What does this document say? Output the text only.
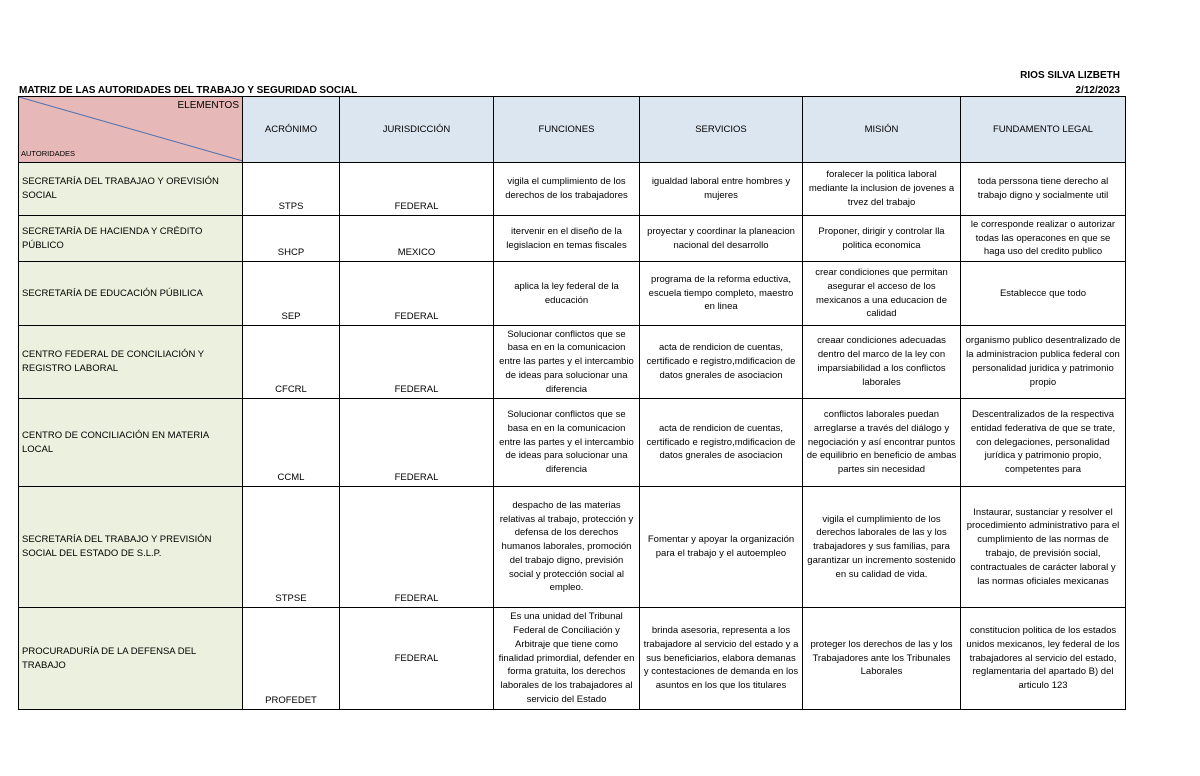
RIOS SILVA LIZBETH
2/12/2023
MATRIZ DE LAS AUTORIDADES DEL TRABAJO Y SEGURIDAD SOCIAL
ELEMENTOS
AUTORIDADES	ACRÓNIMO	JURISDICCIÓN	FUNCIONES	SERVICIOS	MISIÓN	FUNDAMENTO LEGAL
SECRETARÍA DEL TRABAJAO Y OREVISIÓN SOCIAL	STPS	FEDERAL	vigila el cumplimiento de los derechos de los trabajadores	igualdad laboral entre hombres y mujeres	foralecer la politica laboral mediante la inclusion de jovenes a trvez del trabajo	toda perssona tiene derecho al trabajo digno y socialmente util
SECRETARÍA DE HACIENDA Y CRÉDITO PÚBLICO	SHCP	MEXICO	itervenir en el diseño de la legislacion en temas fiscales	proyectar y coordinar la planeacion nacional del desarrollo	Proponer, dirigir y controlar lla politica economica	le corresponde realizar o autorizar todas las operacones en que se haga uso del credito publico
SECRETARÍA DE EDUCACIÓN PÚBILICA	SEP	FEDERAL	aplica la ley federal de la educación	programa de la reforma eductiva, escuela tiempo completo, maestro en linea	crear condiciones que permitan asegurar el acceso de los mexicanos a una educacion de calidad	Establecce que todo
CENTRO FEDERAL DE CONCILIACIÓN Y REGISTRO LABORAL	CFCRL	FEDERAL	Solucionar conflictos que se basa en en la comunicacion entre las partes y el intercambio de ideas para solucionar una diferencia	acta de rendicion de cuentas, certificado e registro,mdificacion de datos gnerales de asociacion	creaar condiciones adecuadas dentro del marco de la ley con imparsiabilidad a los conflictos laborales	organismo publico desentralizado de la administracion publica federal con personalidad juridica y patrimonio propio
CENTRO DE CONCILIACIÓN EN MATERIA LOCAL	CCML	FEDERAL	Solucionar conflictos que se basa en en la comunicacion entre las partes y el intercambio de ideas para solucionar una diferencia	acta de rendicion de cuentas, certificado e registro,mdificacion de datos gnerales de asociacion	conflictos laborales puedan arreglarse a través del diálogo y negociación y así encontrar puntos de equilibrio en beneficio de ambas partes sin necesidad	Descentralizados de la respectiva entidad federativa de que se trate, con delegaciones, personalidad jurídica y patrimonio propio, competentes para
SECRETARÍA DEL TRABAJO Y PREVISIÓN SOCIAL DEL ESTADO DE S.L.P.	STPSE	FEDERAL	despacho de las materias relativas al trabajo, protección y defensa de los derechos humanos laborales, promoción del trabajo digno, previsión social y protección social al empleo.	Fomentar y apoyar la organización para el trabajo y el autoempleo	vigila el cumplimiento de los derechos laborales de las y los trabajadores y sus familias, para garantizar un incremento sostenido en su calidad de vida.	Instaurar, sustanciar y resolver el procedimiento administrativo para el cumplimiento de las normas de trabajo, de previsión social, contractuales de carácter laboral y las normas oficiales mexicanas
PROCURADURÍA DE LA DEFENSA DEL TRABAJO	PROFEDET	FEDERAL	Es una unidad del Tribunal Federal de Conciliación y Arbitraje que tiene como finalidad primordial, defender en forma gratuita, los derechos laborales de los trabajadores al servicio del Estado	brinda asesoria, representa a los trabajadore al servicio del estado y a sus beneficiarios, elabora demanas y contestaciones de demanda en los asuntos en los que los titulares	proteger los derechos de las y los Trabajadores ante los Tribunales Laborales	constitucion politica de los estados unidos mexicanos, ley federal de los trabajadores al servicio del estado, reglamentaria del apartado B) del articulo 123
